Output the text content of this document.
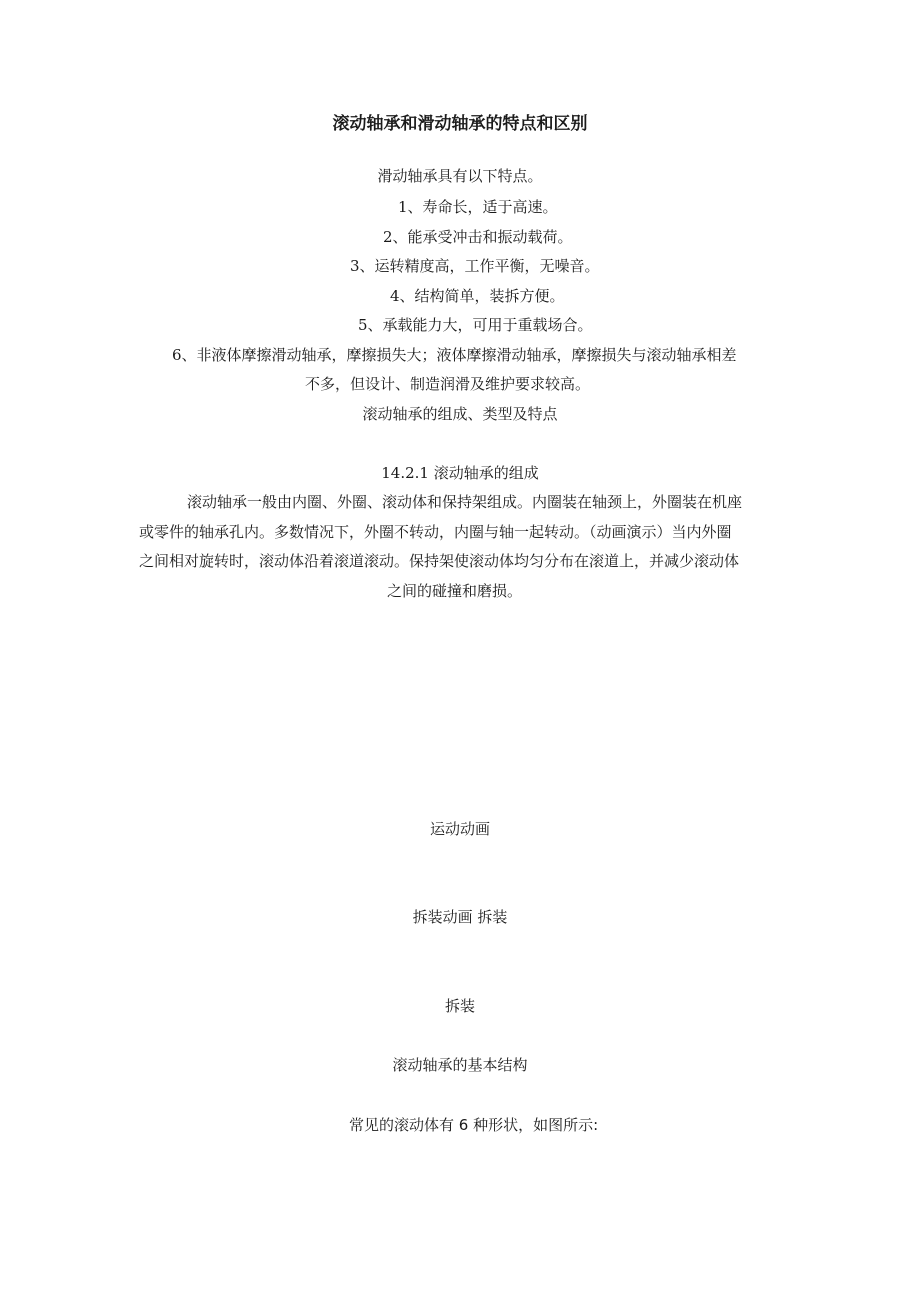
滚动轴承和滑动轴承的特点和区别
滑动轴承具有以下特点。
1、寿命长，适于高速。
2、能承受冲击和振动载荷。
3、运转精度高，工作平衡，无噪音。
4、结构简单，装拆方便。
5、承载能力大，可用于重载场合。
6、非液体摩擦滑动轴承，摩擦损失大；液体摩擦滑动轴承，摩擦损失与滚动轴承相差
不多，但设计、制造润滑及维护要求较高。
滚动轴承的组成、类型及特点
14.2.1 滚动轴承的组成
滚动轴承一般由内圈、外圈、滚动体和保持架组成。内圈装在轴颈上，外圈装在机座
或零件的轴承孔内。多数情况下，外圈不转动，内圈与轴一起转动。（动画演示）当内外圈
之间相对旋转时，滚动体沿着滚道滚动。保持架使滚动体均匀分布在滚道上，并减少滚动体
之间的碰撞和磨损。
运动动画
拆装动画 拆装
拆装
滚动轴承的基本结构
常见的滚动体有 6 种形状，如图所示:
